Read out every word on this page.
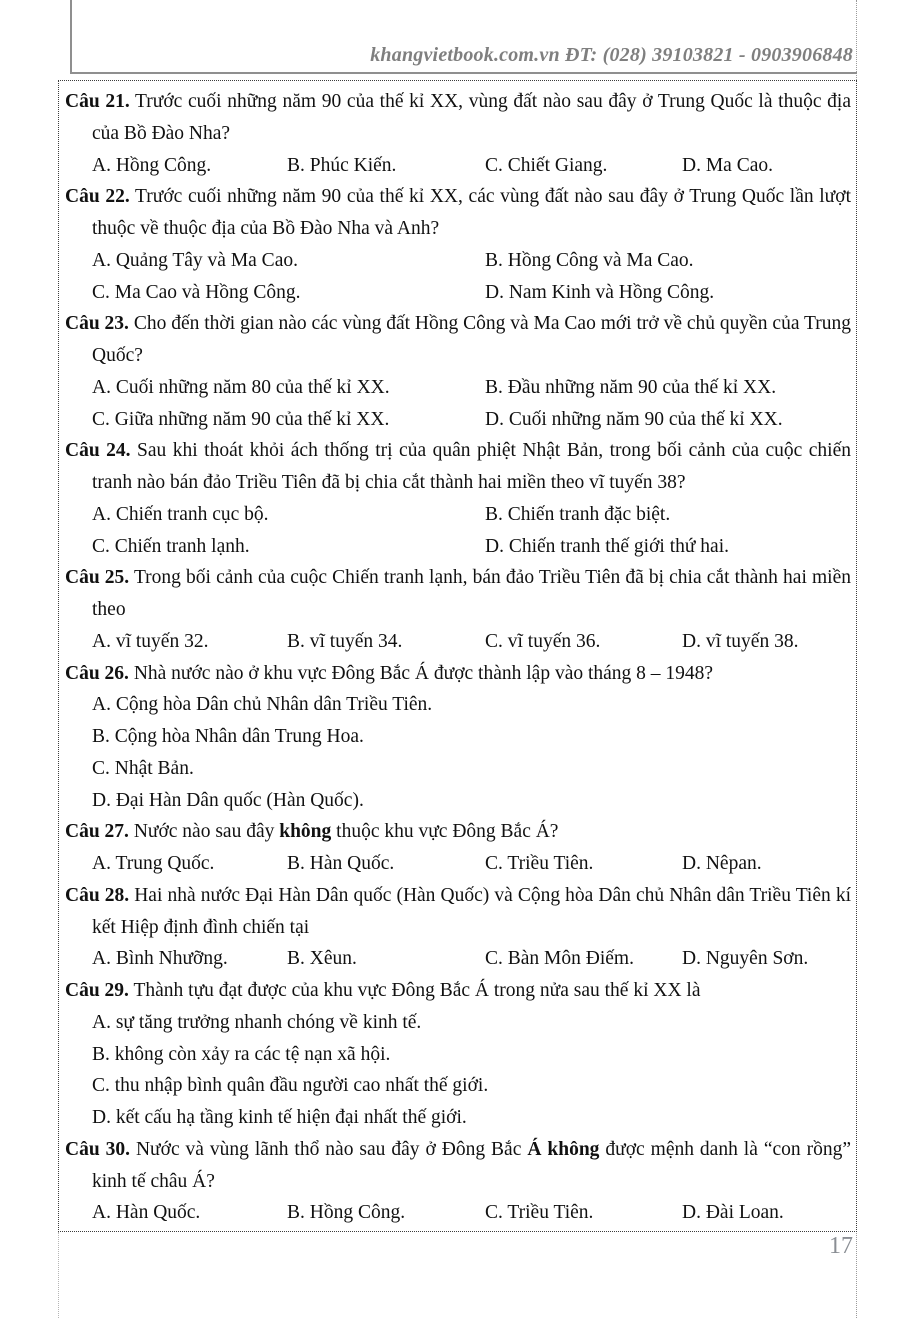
khangvietbook.com.vn ĐT: (028) 39103821 - 0903906848

Câu 21. Trước cuối những năm 90 của thế kỉ XX, vùng đất nào sau đây ở Trung Quốc là thuộc địa của Bồ Đào Nha?

A. Hồng Công.	B. Phúc Kiến.	C. Chiết Giang.	D. Ma Cao.

Câu 22. Trước cuối những năm 90 của thế kỉ XX, các vùng đất nào sau đây ở Trung Quốc lần lượt thuộc về thuộc địa của Bồ Đào Nha và Anh?

A. Quảng Tây và Ma Cao.	B. Hồng Công và Ma Cao.
C. Ma Cao và Hồng Công.	D. Nam Kinh và Hồng Công.

Câu 23. Cho đến thời gian nào các vùng đất Hồng Công và Ma Cao mới trở về chủ quyền của Trung Quốc?

A. Cuối những năm 80 của thế kỉ XX.	B. Đầu những năm 90 của thế kỉ XX.
C. Giữa những năm 90 của thế kỉ XX.	D. Cuối những năm 90 của thế kỉ XX.

Câu 24. Sau khi thoát khỏi ách thống trị của quân phiệt Nhật Bản, trong bối cảnh của cuộc chiến tranh nào bán đảo Triều Tiên đã bị chia cắt thành hai miền theo vĩ tuyến 38?

A. Chiến tranh cục bộ.	B. Chiến tranh đặc biệt.
C. Chiến tranh lạnh.	D. Chiến tranh thế giới thứ hai.

Câu 25. Trong bối cảnh của cuộc Chiến tranh lạnh, bán đảo Triều Tiên đã bị chia cắt thành hai miền theo

A. vĩ tuyến 32.	B. vĩ tuyến 34.	C. vĩ tuyến 36.	D. vĩ tuyến 38.

Câu 26. Nhà nước nào ở khu vực Đông Bắc Á được thành lập vào tháng 8 – 1948?

A. Cộng hòa Dân chủ Nhân dân Triều Tiên.
B. Cộng hòa Nhân dân Trung Hoa.
C. Nhật Bản.
D. Đại Hàn Dân quốc (Hàn Quốc).

Câu 27. Nước nào sau đây không thuộc khu vực Đông Bắc Á?

A. Trung Quốc.	B. Hàn Quốc.	C. Triều Tiên.	D. Nêpan.

Câu 28. Hai nhà nước Đại Hàn Dân quốc (Hàn Quốc) và Cộng hòa Dân chủ Nhân dân Triều Tiên kí kết Hiệp định đình chiến tại

A. Bình Nhưỡng.	B. Xêun.	C. Bàn Môn Điếm.	D. Nguyên Sơn.

Câu 29. Thành tựu đạt được của khu vực Đông Bắc Á trong nửa sau thế kỉ XX là

A. sự tăng trưởng nhanh chóng về kinh tế.
B. không còn xảy ra các tệ nạn xã hội.
C. thu nhập bình quân đầu người cao nhất thế giới.
D. kết cấu hạ tầng kinh tế hiện đại nhất thế giới.

Câu 30. Nước và vùng lãnh thổ nào sau đây ở Đông Bắc Á không được mệnh danh là “con rồng” kinh tế châu Á?

A. Hàn Quốc.	B. Hồng Công.	C. Triều Tiên.	D. Đài Loan.
17
